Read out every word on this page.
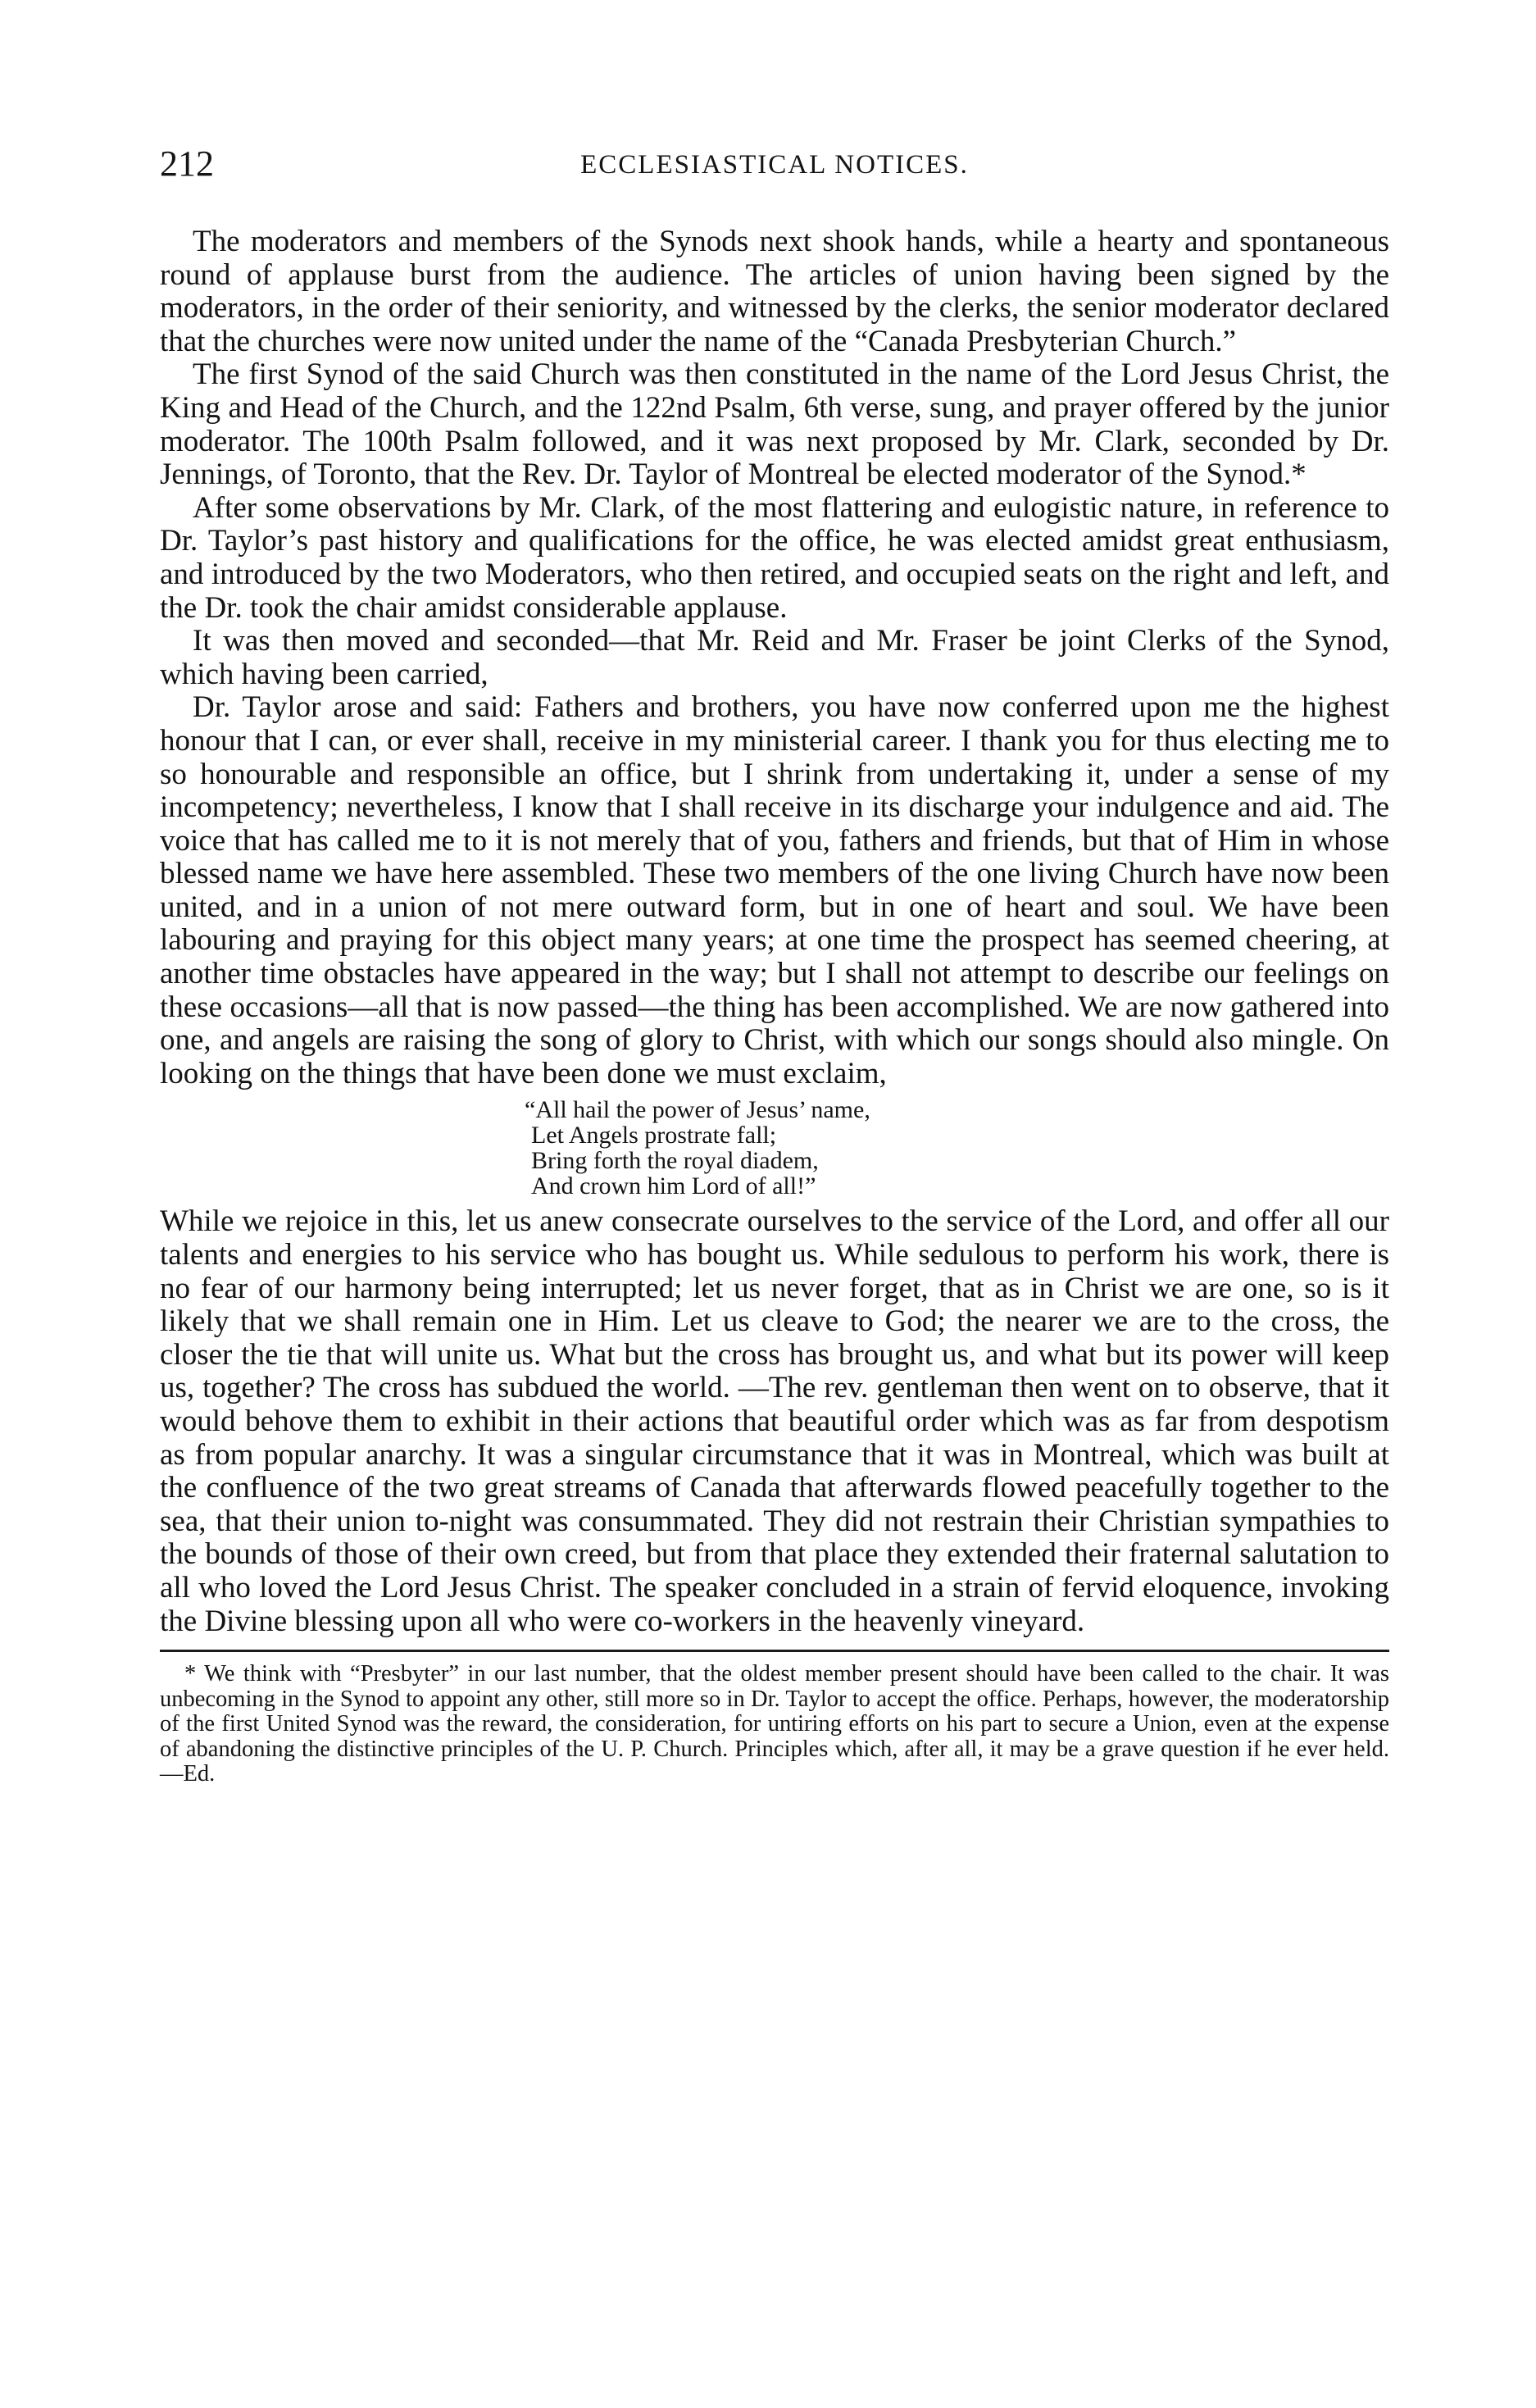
212	ECCLESIASTICAL NOTICES.

The moderators and members of the Synods next shook hands, while a hearty and spontaneous round of applause burst from the audience. The articles of union having been signed by the moderators, in the order of their seniority, and witnessed by the clerks, the senior moderator declared that the churches were now united under the name of the “Canada Presbyterian Church.”

The first Synod of the said Church was then constituted in the name of the Lord Jesus Christ, the King and Head of the Church, and the 122nd Psalm, 6th verse, sung, and prayer offered by the junior moderator. The 100th Psalm followed, and it was next proposed by Mr. Clark, seconded by Dr. Jennings, of Toronto, that the Rev. Dr. Taylor of Montreal be elected moderator of the Synod.*

After some observations by Mr. Clark, of the most flattering and eulogistic nature, in reference to Dr. Taylor’s past history and qualifications for the office, he was elected amidst great enthusiasm, and introduced by the two Moderators, who then retired, and occupied seats on the right and left, and the Dr. took the chair amidst considerable applause.

It was then moved and seconded—that Mr. Reid and Mr. Fraser be joint Clerks of the Synod, which having been carried,

Dr. Taylor arose and said: Fathers and brothers, you have now conferred upon me the highest honour that I can, or ever shall, receive in my ministerial career. I thank you for thus electing me to so honourable and responsible an office, but I shrink from undertaking it, under a sense of my incompetency; nevertheless, I know that I shall receive in its discharge your indulgence and aid. The voice that has called me to it is not merely that of you, fathers and friends, but that of Him in whose blessed name we have here assembled. These two members of the one living Church have now been united, and in a union of not mere outward form, but in one of heart and soul. We have been labouring and praying for this object many years; at one time the prospect has seemed cheering, at another time obstacles have appeared in the way; but I shall not attempt to describe our feelings on these occasions—all that is now passed—the thing has been accomplished. We are now gathered into one, and angels are raising the song of glory to Christ, with which our songs should also mingle. On looking on the things that have been done we must exclaim,

“All hail the power of Jesus’ name,
Let Angels prostrate fall;
Bring forth the royal diadem,
And crown him Lord of all!”

While we rejoice in this, let us anew consecrate ourselves to the service of the Lord, and offer all our talents and energies to his service who has bought us. While sedulous to perform his work, there is no fear of our harmony being interrupted; let us never forget, that as in Christ we are one, so is it likely that we shall remain one in Him. Let us cleave to God; the nearer we are to the cross, the closer the tie that will unite us. What but the cross has brought us, and what but its power will keep us, together? The cross has subdued the world. —The rev. gentleman then went on to observe, that it would behove them to exhibit in their actions that beautiful order which was as far from despotism as from popular anarchy. It was a singular circumstance that it was in Montreal, which was built at the confluence of the two great streams of Canada that afterwards flowed peacefully together to the sea, that their union to-night was consummated. They did not restrain their Christian sympathies to the bounds of those of their own creed, but from that place they extended their fraternal salutation to all who loved the Lord Jesus Christ. The speaker concluded in a strain of fervid eloquence, invoking the Divine blessing upon all who were co-workers in the heavenly vineyard.

* We think with “Presbyter” in our last number, that the oldest member present should have been called to the chair. It was unbecoming in the Synod to appoint any other, still more so in Dr. Taylor to accept the office. Perhaps, however, the moderatorship of the first United Synod was the reward, the consideration, for untiring efforts on his part to secure a Union, even at the expense of abandoning the distinctive principles of the U. P. Church. Principles which, after all, it may be a grave question if he ever held.—Ed.
